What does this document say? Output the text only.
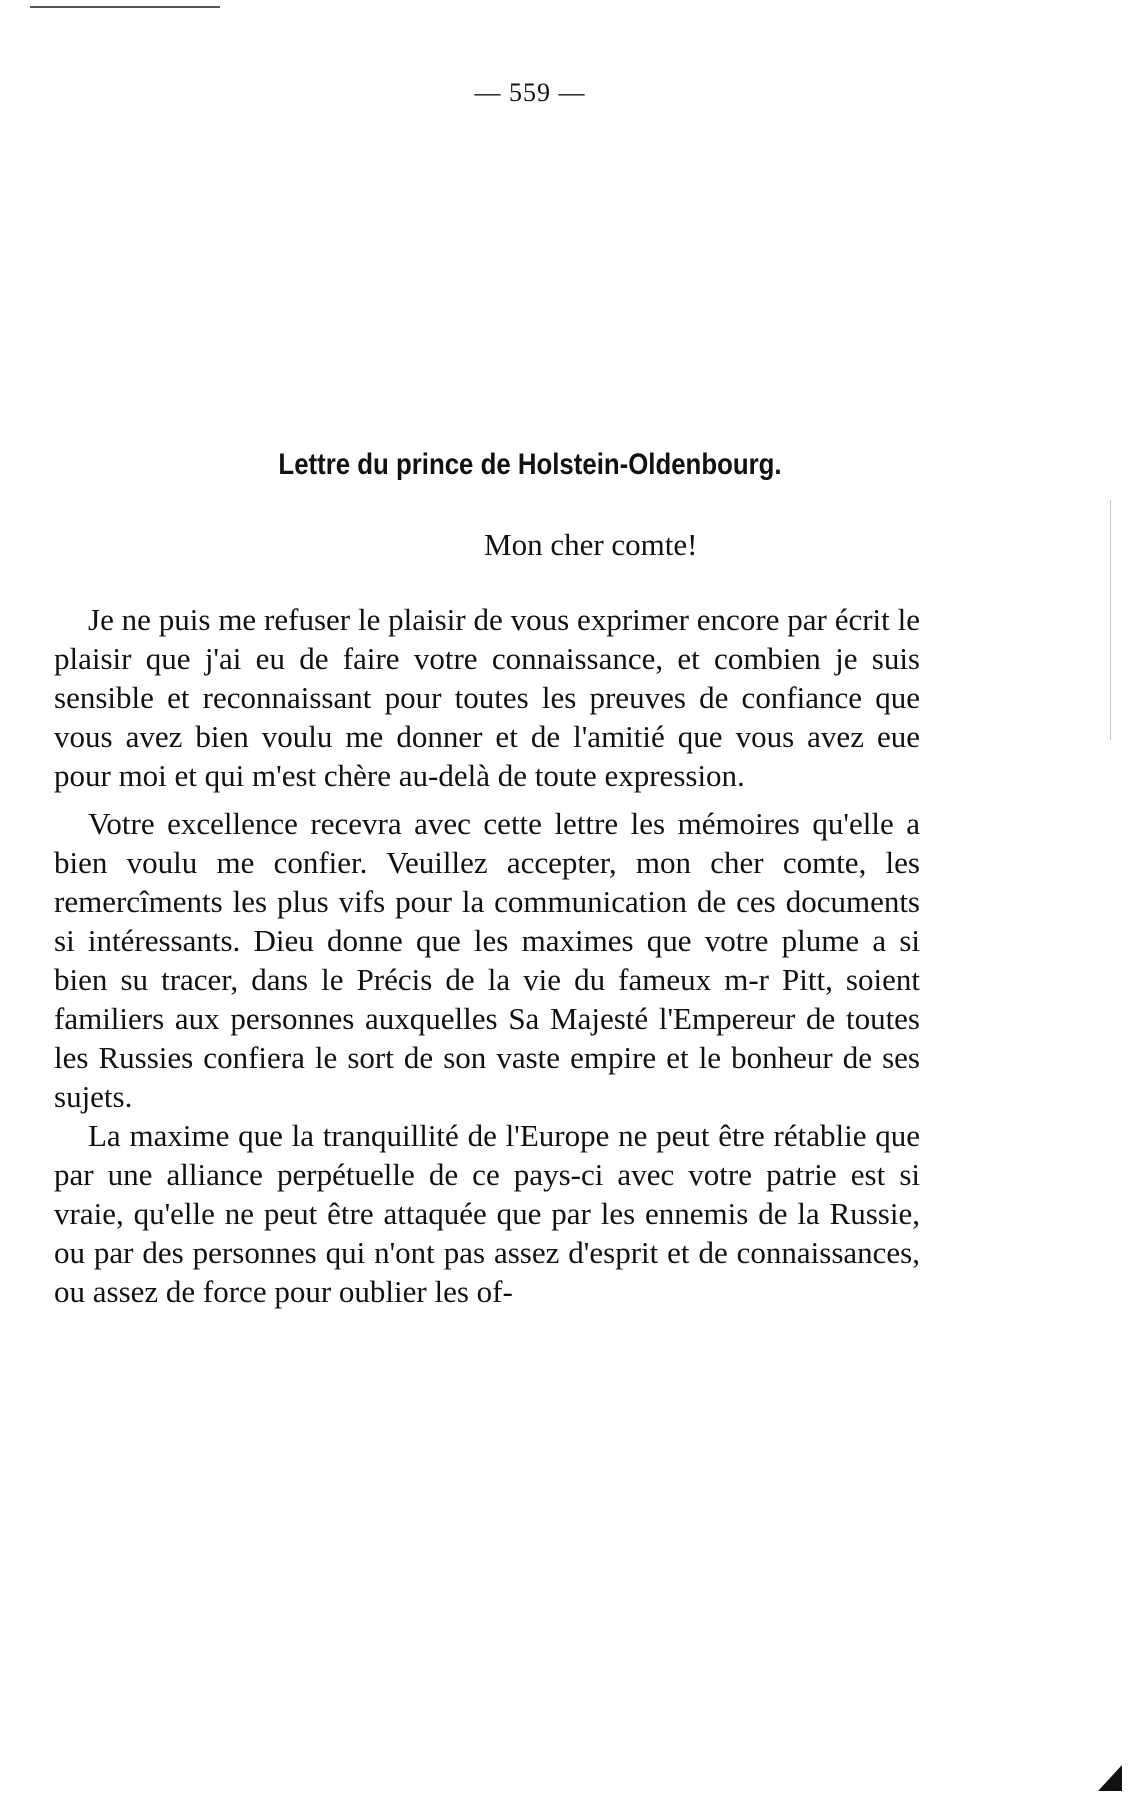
— 559 —
Lettre du prince de Holstein-Oldenbourg.
Mon cher comte!

Je ne puis me refuser le plaisir de vous exprimer encore par écrit le plaisir que j'ai eu de faire votre connaissance, et combien je suis sensible et reconnaissant pour toutes les preuves de confiance que vous avez bien voulu me donner et de l'amitié que vous avez eue pour moi et qui m'est chère au-delà de toute expression.

Votre excellence recevra avec cette lettre les mémoires qu'elle a bien voulu me confier. Veuillez accepter, mon cher comte, les remercîments les plus vifs pour la communication de ces documents si intéressants. Dieu donne que les maximes que votre plume a si bien su tracer, dans le Précis de la vie du fameux m-r Pitt, soient familiers aux personnes auxquelles Sa Majesté l'Empereur de toutes les Russies confiera le sort de son vaste empire et le bonheur de ses sujets.

La maxime que la tranquillité de l'Europe ne peut être rétablie que par une alliance perpétuelle de ce pays-ci avec votre patrie est si vraie, qu'elle ne peut être attaquée que par les ennemis de la Russie, ou par des personnes qui n'ont pas assez d'esprit et de connaissances, ou assez de force pour oublier les of-
